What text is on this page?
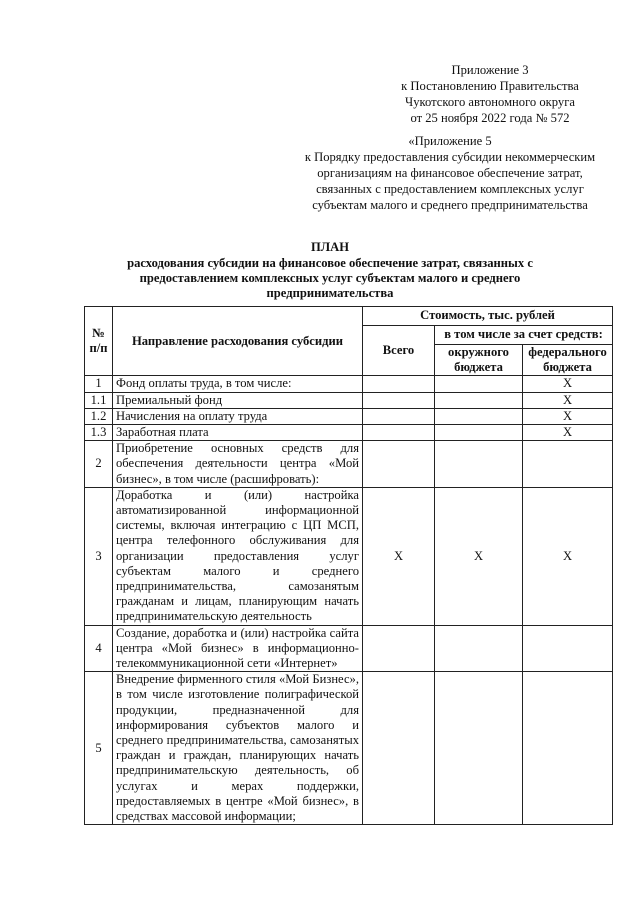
Приложение 3
к Постановлению Правительства
Чукотского автономного округа
от 25 ноября 2022 года № 572
«Приложение 5
к Порядку предоставления субсидии некоммерческим
организациям на финансовое обеспечение затрат,
связанных с предоставлением комплексных услуг
субъектам малого и среднего предпринимательства
ПЛАН
расходования субсидии на финансовое обеспечение затрат, связанных с предоставлением комплексных услуг субъектам малого и среднего предпринимательства
№ п/п	Направление расходования субсидии	Стоимость, тыс. рублей		
		Всего	в том числе за счет средств:	
			окружного бюджета	федерального бюджета
1	Фонд оплаты труда, в том числе:			X
1.1	Премиальный фонд			X
1.2	Начисления на оплату труда			X
1.3	Заработная плата			X
2	Приобретение основных средств для обеспечения деятельности центра «Мой бизнес», в том числе (расшифровать):			
3	Доработка и (или) настройка автоматизированной информационной системы, включая интеграцию с ЦП МСП, центра телефонного обслуживания для организации предоставления услуг субъектам малого и среднего предпринимательства, самозанятым гражданам и лицам, планирующим начать предпринимательскую деятельность	X	X	X
4	Создание, доработка и (или) настройка сайта центра «Мой бизнес» в информационно-телекоммуникационной сети «Интернет»			
5	Внедрение фирменного стиля «Мой Бизнес», в том числе изготовление полиграфической продукции, предназначенной для информирования субъектов малого и среднего предпринимательства, самозанятых граждан и граждан, планирующих начать предпринимательскую деятельность, об услугах и мерах поддержки, предоставляемых в центре «Мой бизнес», в средствах массовой информации;			
